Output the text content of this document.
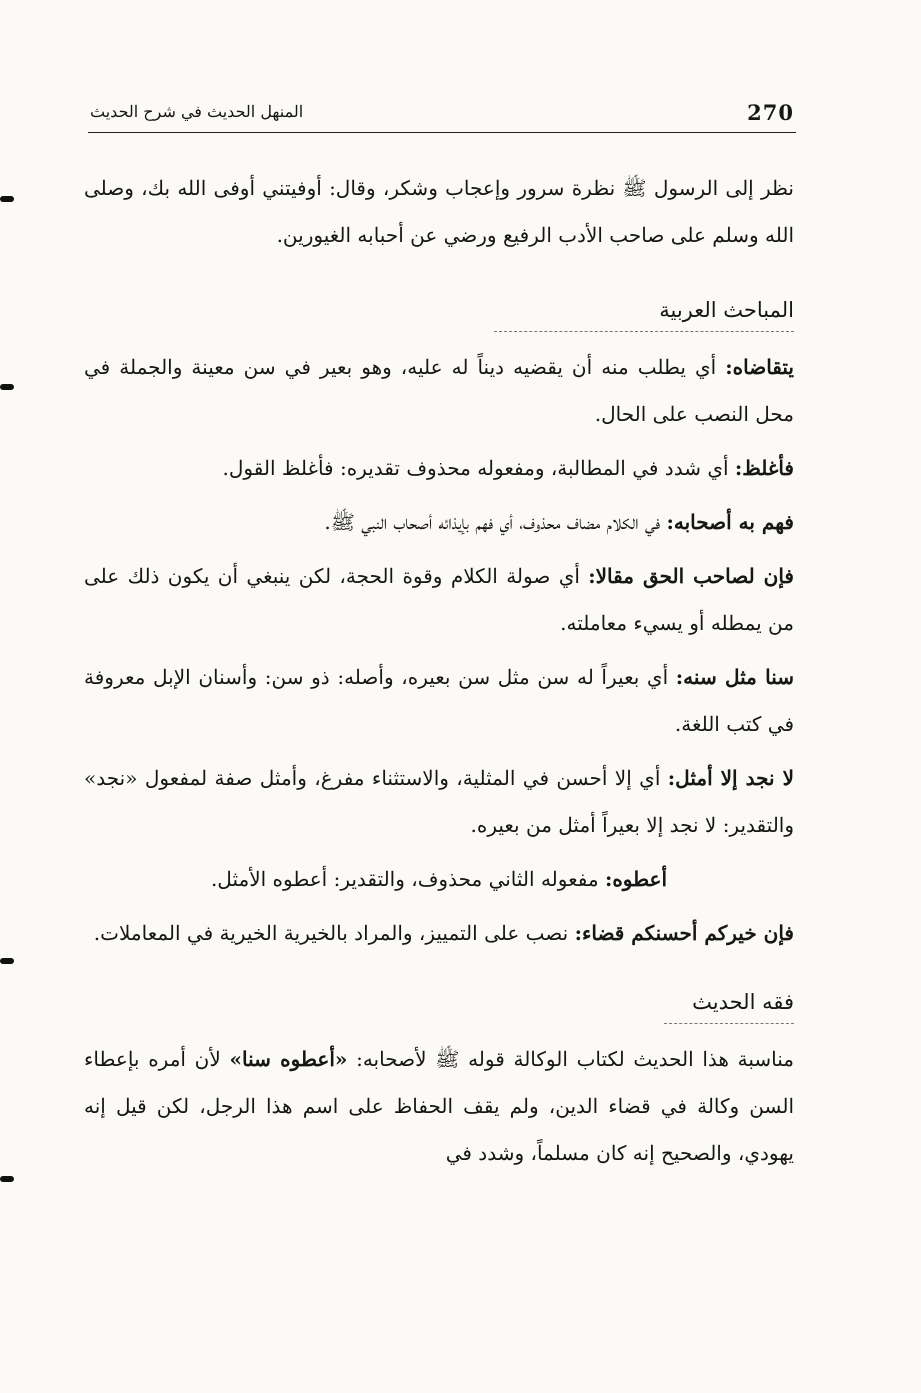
270
المنهل الحديث في شرح الحديث

نظر إلى الرسول ﷺ نظرة سرور وإعجاب وشكر، وقال: أوفيتني أوفى الله بك، وصلى الله وسلم على صاحب الأدب الرفيع ورضي عن أحبابه الغيورين.

المباحث العربية

يتقاضاه: أي يطلب منه أن يقضيه ديناً له عليه، وهو بعير في سن معينة والجملة في محل النصب على الحال.

فأغلظ: أي شدد في المطالبة، ومفعوله محذوف تقديره: فأغلظ القول.

فهم به أصحابه: في الكلام مضاف محذوف، أي فهم بإيذائه أصحاب النبي ﷺ.

فإن لصاحب الحق مقالا: أي صولة الكلام وقوة الحجة، لكن ينبغي أن يكون ذلك على من يمطله أو يسيء معاملته.

سنا مثل سنه: أي بعيراً له سن مثل سن بعيره، وأصله: ذو سن: وأسنان الإبل معروفة في كتب اللغة.

لا نجد إلا أمثل: أي إلا أحسن في المثلية، والاستثناء مفرغ، وأمثل صفة لمفعول «نجد» والتقدير: لا نجد إلا بعيراً أمثل من بعيره.

أعطوه: مفعوله الثاني محذوف، والتقدير: أعطوه الأمثل.

فإن خيركم أحسنكم قضاء: نصب على التمييز، والمراد بالخيرية الخيرية في المعاملات.

فقه الحديث

مناسبة هذا الحديث لكتاب الوكالة قوله ﷺ لأصحابه: «أعطوه سنا» لأن أمره بإعطاء السن وكالة في قضاء الدين، ولم يقف الحفاظ على اسم هذا الرجل، لكن قيل إنه يهودي، والصحيح إنه كان مسلماً، وشدد في
